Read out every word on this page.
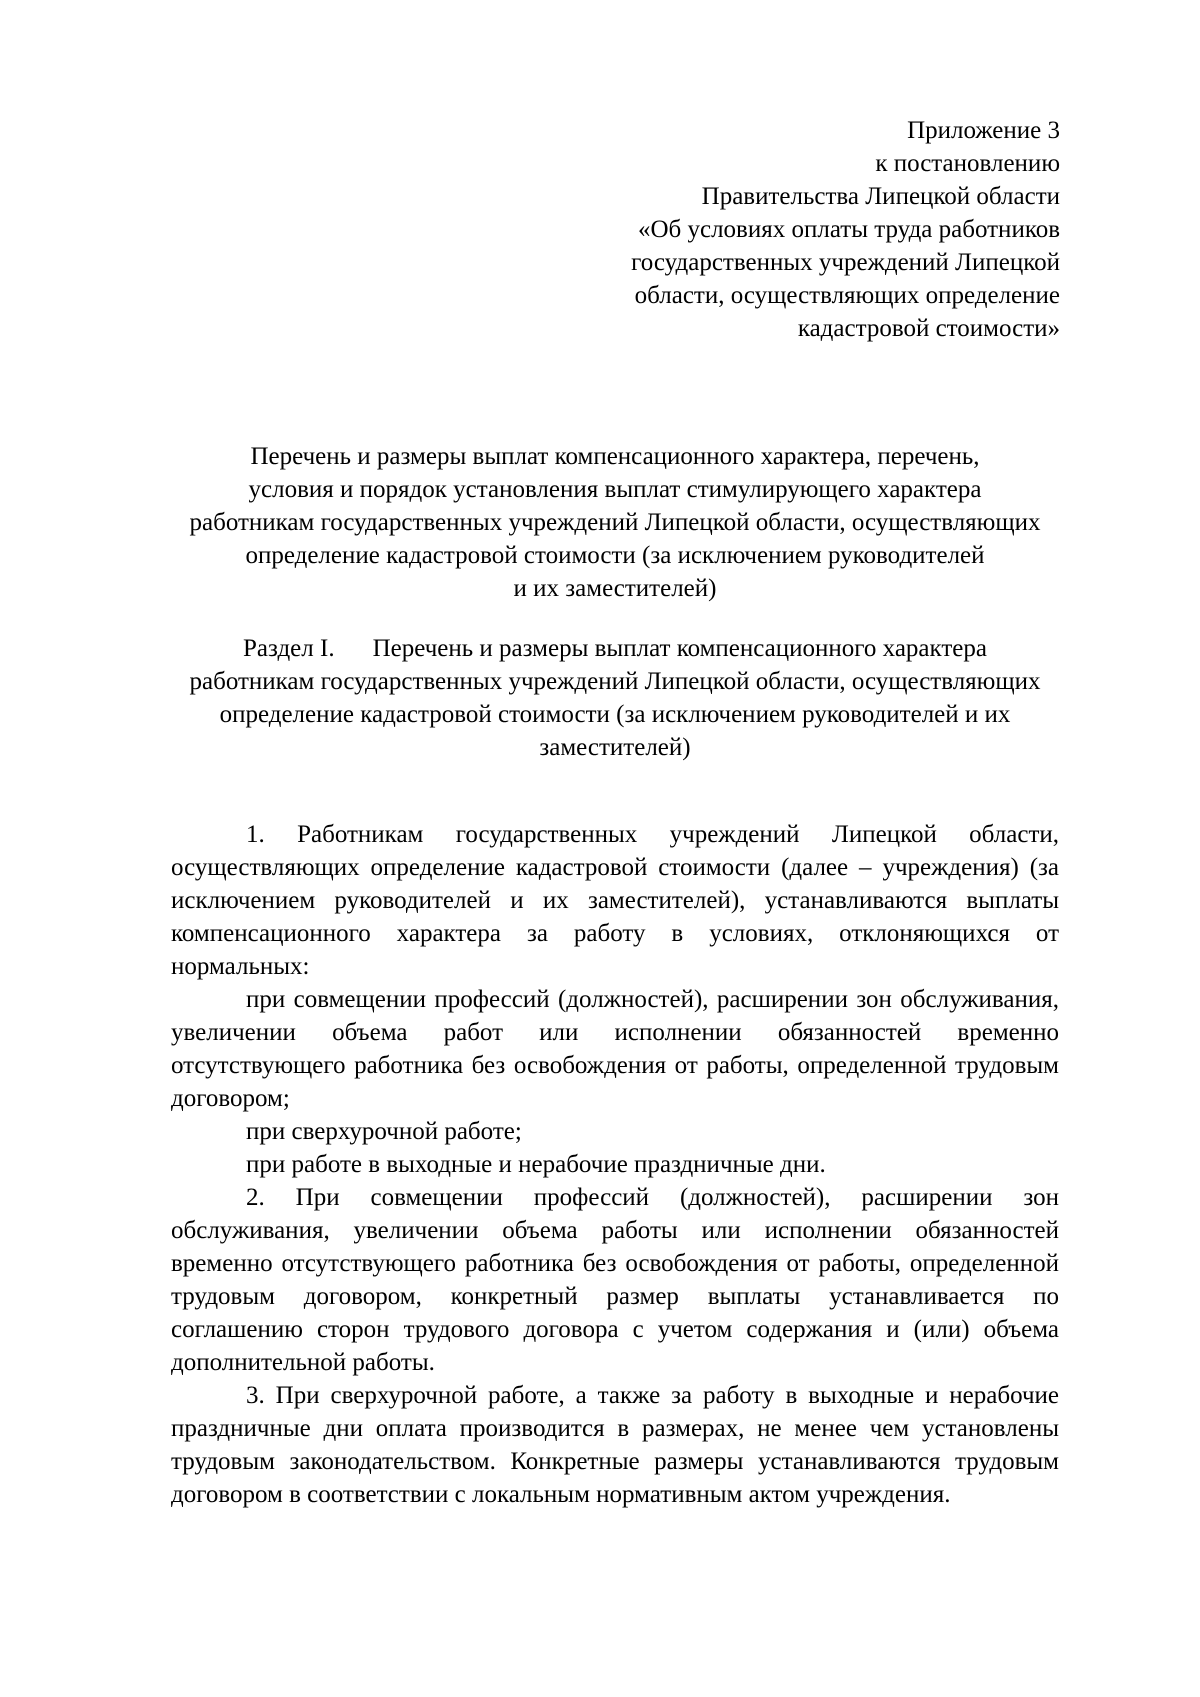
Приложение 3
к постановлению
Правительства Липецкой области
«Об условиях оплаты труда работников
государственных учреждений Липецкой
области, осуществляющих определение
кадастровой стоимости»
Перечень и размеры выплат компенсационного характера, перечень,
условия и порядок установления выплат стимулирующего характера
работникам государственных учреждений Липецкой области, осуществляющих
определение кадастровой стоимости (за исключением руководителей
и их заместителей)
Раздел I. Перечень и размеры выплат компенсационного характера
работникам государственных учреждений Липецкой области, осуществляющих
определение кадастровой стоимости (за исключением руководителей и их
заместителей)

1. Работникам государственных учреждений Липецкой области, осуществляющих определение кадастровой стоимости (далее – учреждения) (за исключением руководителей и их заместителей), устанавливаются выплаты компенсационного характера за работу в условиях, отклоняющихся от нормальных:

при совмещении профессий (должностей), расширении зон обслуживания, увеличении объема работ или исполнении обязанностей временно отсутствующего работника без освобождения от работы, определенной трудовым договором;

при сверхурочной работе;

при работе в выходные и нерабочие праздничные дни.

2. При совмещении профессий (должностей), расширении зон обслуживания, увеличении объема работы или исполнении обязанностей временно отсутствующего работника без освобождения от работы, определенной трудовым договором, конкретный размер выплаты устанавливается по соглашению сторон трудового договора с учетом содержания и (или) объема дополнительной работы.

3. При сверхурочной работе, а также за работу в выходные и нерабочие праздничные дни оплата производится в размерах, не менее чем установлены трудовым законодательством. Конкретные размеры устанавливаются трудовым договором в соответствии с локальным нормативным актом учреждения.
